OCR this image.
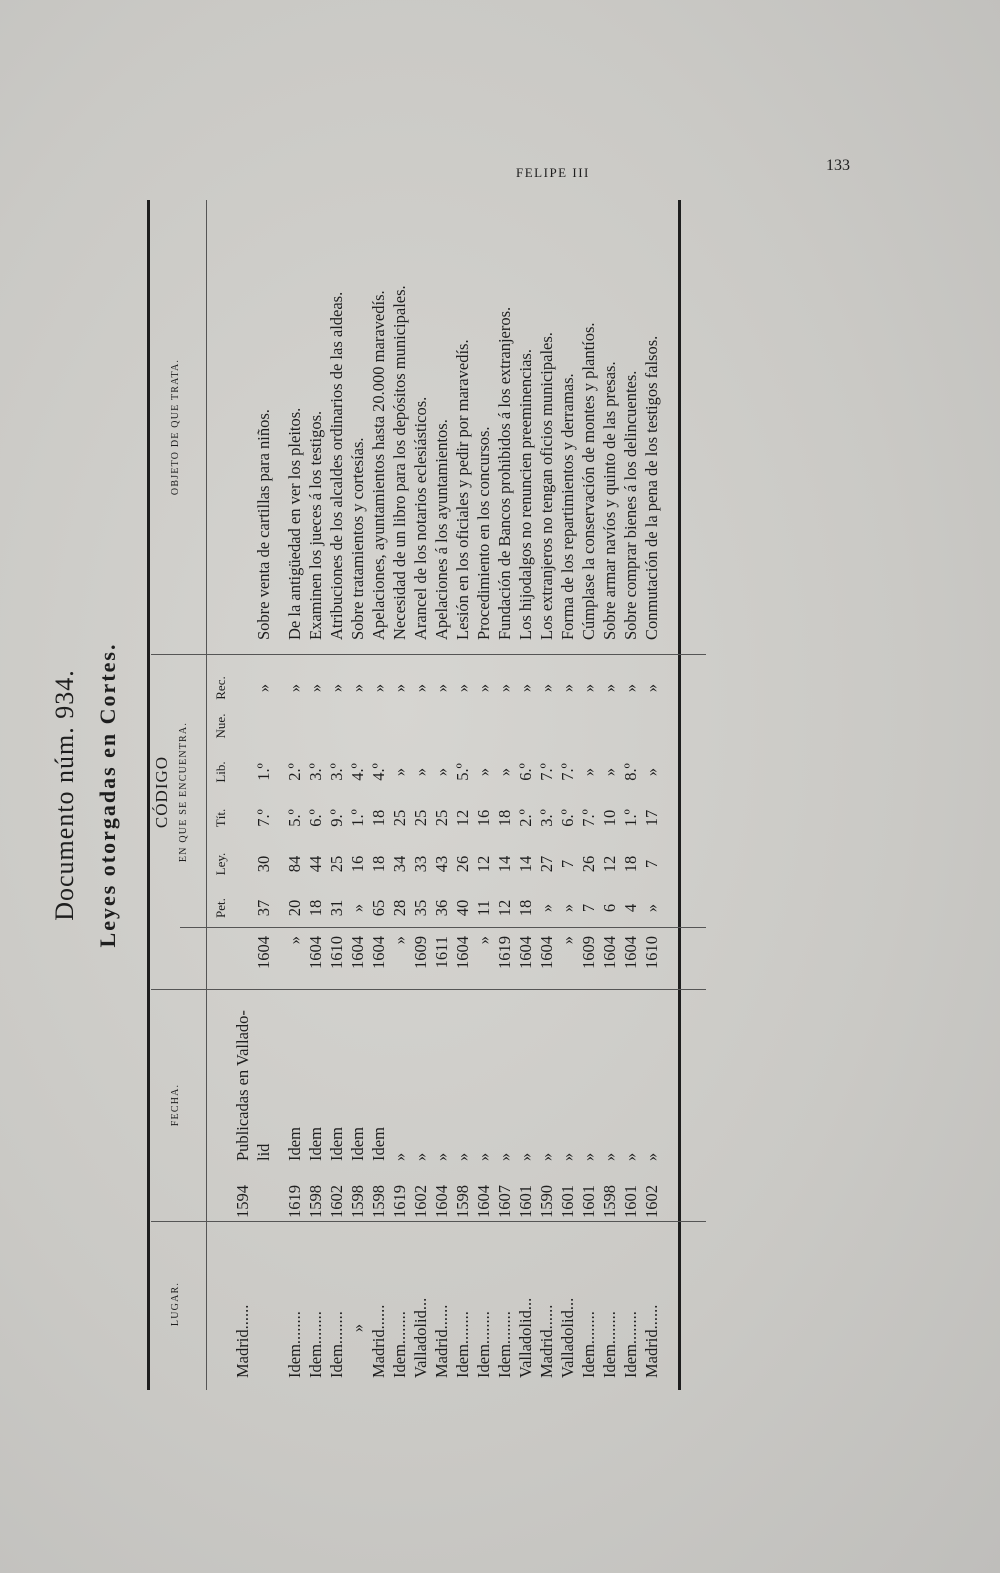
FELIPE III	133
Documento núm. 934. Leyes otorgadas en Cortes.
LUGAR.
FECHA.
CÓDIGO EN QUE SE ENCUENTRA.
OBJETO DE QUE TRATA.
Pet.
Ley.
Tít.
Lib.
Nue.
Rec.
Madrid......
1594
Publicadas en Vallado- lid
1604
37
30
7.º
1.º
»
Sobre venta de cartillas para niños.
Idem........
1619
Idem
»
20
84
5.º
2.º
»
De la antigüedad en ver los pleitos.
Idem........
1598
Idem
1604
18
44
6.º
3.º
»
Examinen los jueces á los testigos.
Idem........
1602
Idem
1610
31
25
9.º
3.º
»
Atribuciones de los alcaldes ordinarios de las aldeas.
»
1598
Idem
1604
»
16
1.º
4.º
»
Sobre tratamientos y cortesías.
Madrid......
1598
Idem
1604
65
18
18
4.º
»
Apelaciones, ayuntamientos hasta 20.000 maravedís.
Idem........
1619
»
»
28
34
25
»
»
Necesidad de un libro para los depósitos municipales.
Valladolid...
1602
»
1609
35
33
25
»
»
Arancel de los notarios eclesiásticos.
Madrid......
1604
»
1611
36
43
25
»
»
Apelaciones á los ayuntamientos.
Idem........
1598
»
1604
40
26
12
5.º
»
Lesión en los oficiales y pedir por maravedís.
Idem........
1604
»
»
11
12
16
»
»
Procedimiento en los concursos.
Idem........
1607
»
1619
12
14
18
»
»
Fundación de Bancos prohibidos á los extranjeros.
Valladolid...
1601
»
1604
18
14
2.º
6.º
»
Los hijodalgos no renuncien preeminencias.
Madrid......
1590
»
1604
»
27
3.º
7.º
»
Los extranjeros no tengan oficios municipales.
Valladolid...
1601
»
»
»
7
6.º
7.º
»
Forma de los repartimientos y derramas.
Idem........
1601
»
1609
7
26
7.º
»
»
Cúmplase la conservación de montes y plantíos.
Idem........
1598
»
1604
6
12
10
»
»
Sobre armar navíos y quinto de las presas.
Idem........
1601
»
1604
4
18
1.º
8.º
»
Sobre comprar bienes á los delincuentes.
Madrid......
1602
»
1610
»
7
17
»
»
Conmutación de la pena de los testigos falsos.
